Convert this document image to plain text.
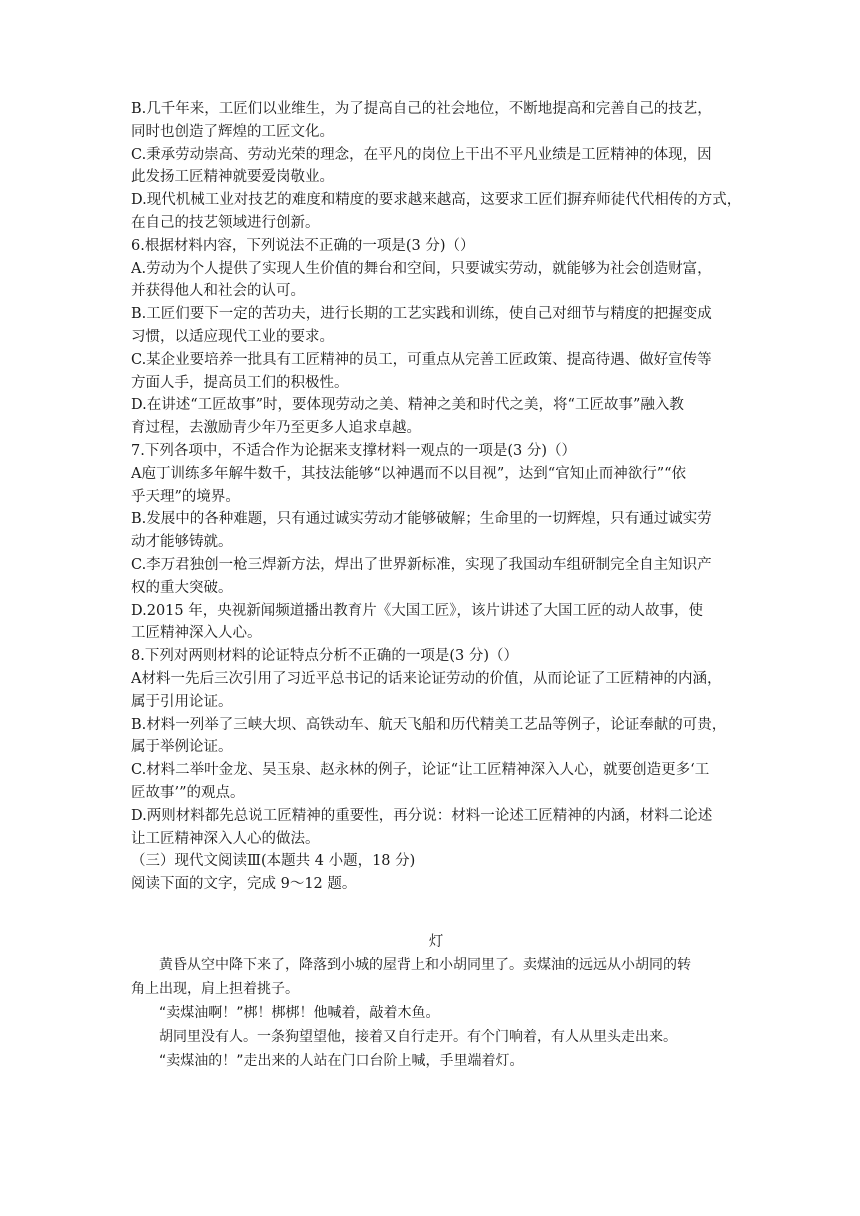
B.几千年来，工匠们以业维生，为了提高自己的社会地位，不断地提高和完善自己的技艺，
同时也创造了辉煌的工匠文化。
C.秉承劳动崇高、劳动光荣的理念，在平凡的岗位上干出不平凡业绩是工匠精神的体现，因
此发扬工匠精神就要爱岗敬业。
D.现代机械工业对技艺的难度和精度的要求越来越高，这要求工匠们摒弃师徒代代相传的方式，
在自己的技艺领域进行创新。
6.根据材料内容，下列说法不正确的一项是(3 分)（）
A.劳动为个人提供了实现人生价值的舞台和空间，只要诚实劳动，就能够为社会创造财富，
并获得他人和社会的认可。
B.工匠们要下一定的苦功夫，进行长期的工艺实践和训练，使自己对细节与精度的把握变成
习惯，以适应现代工业的要求。
C.某企业要培养一批具有工匠精神的员工，可重点从完善工匠政策、提高待遇、做好宣传等
方面人手，提高员工们的积极性。
D.在讲述“工匠故事”时，要体现劳动之美、精神之美和时代之美，将“工匠故事”融入教
育过程，去激励青少年乃至更多人追求卓越。
7.下列各项中，不适合作为论据来支撑材料一观点的一项是(3 分)（）
A庖丁训练多年解牛数千，其技法能够“以神遇而不以目视”，达到“官知止而神欲行”“依
乎天理”的境界。
B.发展中的各种难题，只有通过诚实劳动才能够破解；生命里的一切辉煌，只有通过诚实劳
动才能够铸就。
C.李万君独创一枪三焊新方法，焊出了世界新标准，实现了我国动车组研制完全自主知识产
权的重大突破。
D.2015 年，央视新闻频道播出教育片《大国工匠》，该片讲述了大国工匠的动人故事，使
工匠精神深入人心。
8.下列对两则材料的论证特点分析不正确的一项是(3 分)（）
A材料一先后三次引用了习近平总书记的话来论证劳动的价值，从而论证了工匠精神的内涵，
属于引用论证。
B.材料一列举了三峡大坝、高铁动车、航天飞船和历代精美工艺品等例子，论证奉献的可贵，
属于举例论证。
C.材料二举叶金龙、吴玉泉、赵永林的例子，论证“让工匠精神深入人心，就要创造更多‘工
匠故事’”的观点。
D.两则材料都先总说工匠精神的重要性，再分说：材料一论述工匠精神的内涵，材料二论述
让工匠精神深入人心的做法。
（三）现代文阅读Ⅲ(本题共 4 小题，18 分)
阅读下面的文字，完成 9～12 题。
灯
黄昏从空中降下来了，降落到小城的屋背上和小胡同里了。卖煤油的远远从小胡同的转
角上出现，肩上担着挑子。
“卖煤油啊！”梆！梆梆！他喊着，敲着木鱼。
胡同里没有人。一条狗望望他，接着又自行走开。有个门响着，有人从里头走出来。
“卖煤油的！”走出来的人站在门口台阶上喊，手里端着灯。
